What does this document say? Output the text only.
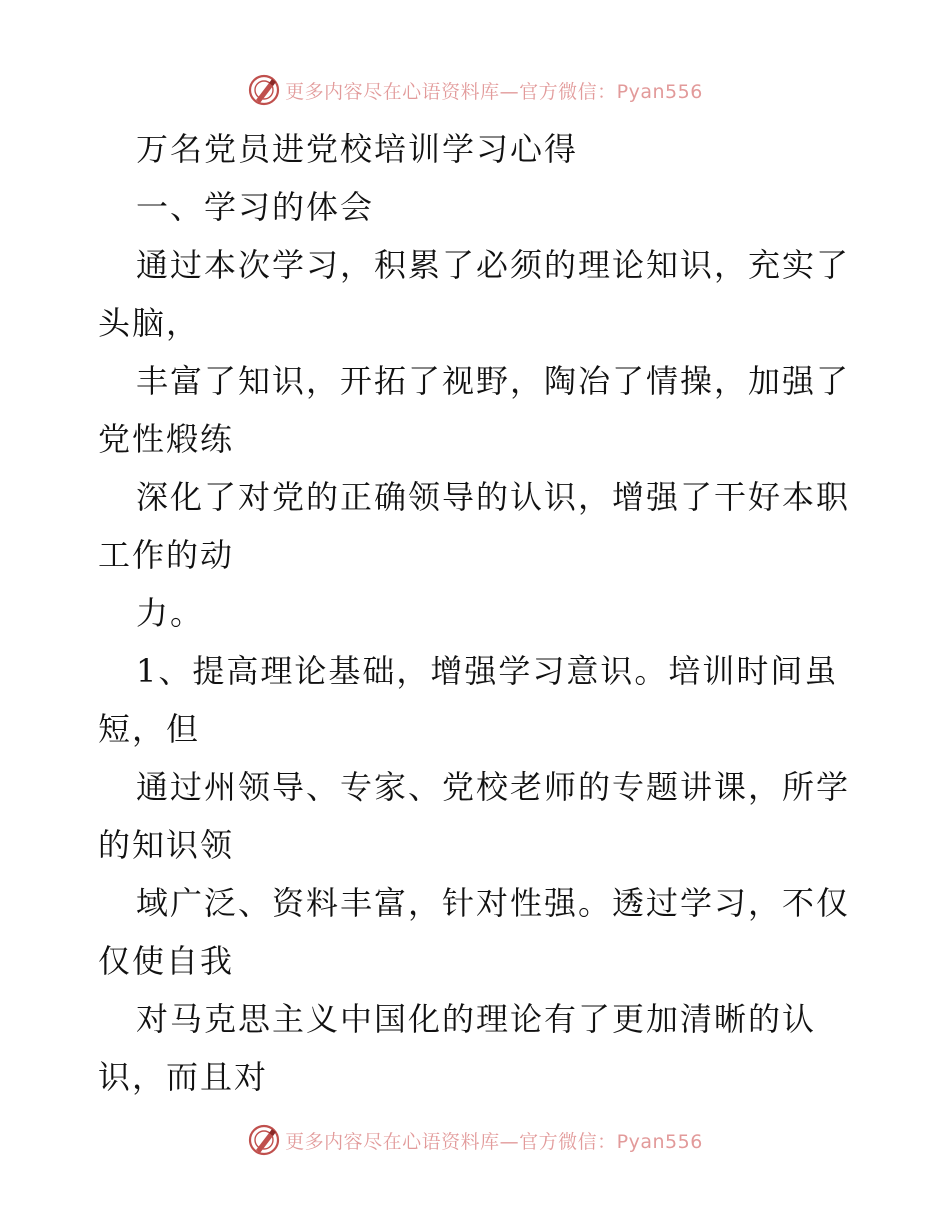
更多内容尽在心语资料库—官方微信：Pyan556

万名党员进党校培训学习心得

一、学习的体会

通过本次学习，积累了必须的理论知识，充实了
头脑，

丰富了知识，开拓了视野，陶冶了情操，加强了
党性煅练

深化了对党的正确领导的认识，增强了干好本职
工作的动

力。

1、提高理论基础，增强学习意识。培训时间虽
短，但

通过州领导、专家、党校老师的专题讲课，所学
的知识领

域广泛、资料丰富，针对性强。透过学习，不仅
仅使自我

对马克思主义中国化的理论有了更加清晰的认
识，而且对

更多内容尽在心语资料库—官方微信：Pyan556
